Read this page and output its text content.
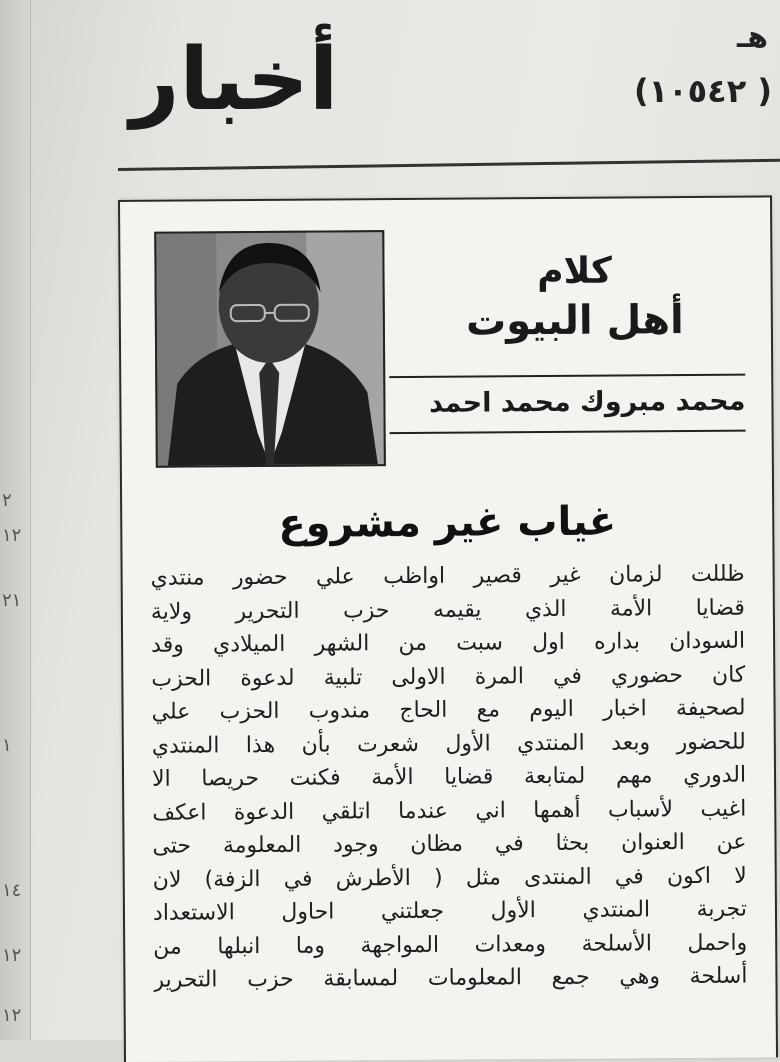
٢
١٢
٢١
١
١٤
١٢
١٢
أخبار	هـ
( ١٠٥٤٢)
كلام
أهل البيوت
محمد مبروك محمد احمد
غياب غير مشروع
ظللت لزمان غير قصير اواظب علي حضور منتدي
قضايا الأمة الذي يقيمه حزب التحرير ولاية
السودان بداره اول سبت من الشهر الميلادي وقد
كان حضوري في المرة الاولى تلبية لدعوة الحزب
لصحيفة اخبار اليوم مع الحاج مندوب الحزب علي
للحضور وبعد المنتدي الأول شعرت بأن هذا المنتدي
الدوري مهم لمتابعة قضايا الأمة فكنت حريصا الا
اغيب لأسباب أهمها اني عندما اتلقي الدعوة اعكف
عن العنوان بحثا في مظان وجود المعلومة حتى
لا اكون في المنتدى مثل ( الأطرش في الزفة) لان
تجربة المنتدي الأول جعلتني احاول الاستعداد
واحمل الأسلحة ومعدات المواجهة وما انبلها من
أسلحة وهي جمع المعلومات لمسابقة حزب التحرير
